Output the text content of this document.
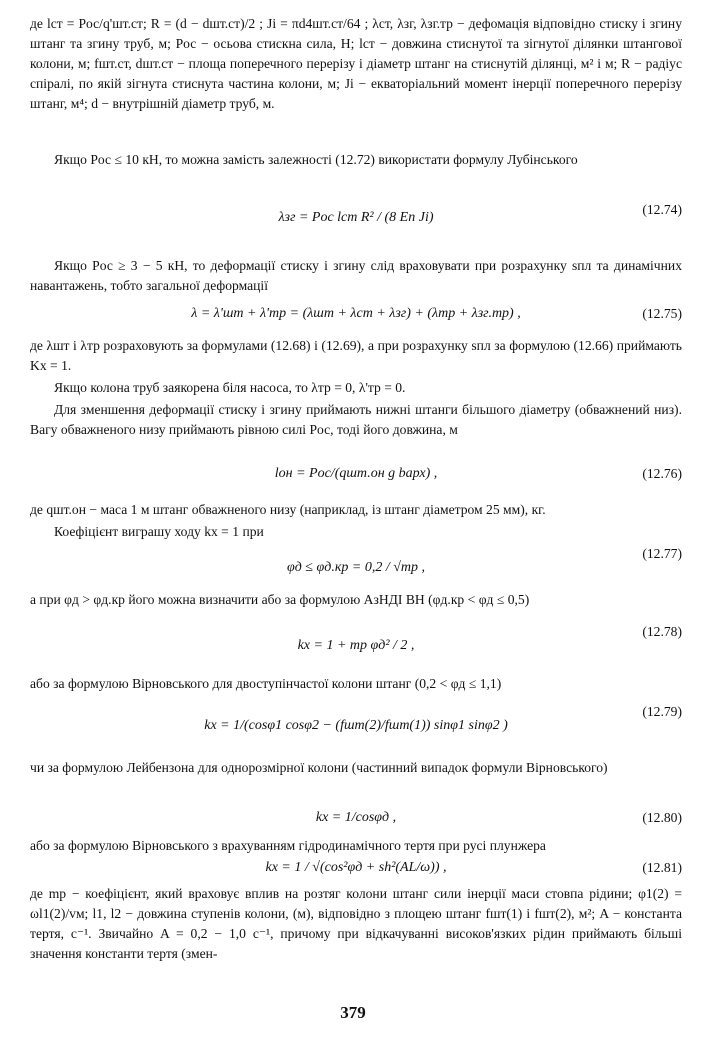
де lст = Pос/q'шт.ст; R = (d − dшт.ст)/2 ; Ji = πd4шт.ст/64 ; λст, λзг, λзг.тр − дефомація відповідно стиску і згину штанг та згину труб, м; Pос − осьова стискна сила, Н; lст − довжина стиснутої та зігнутої ділянки штангової колони, м; fшт.ст, dшт.ст − площа поперечного перерізу і діаметр штанг на стиснутій ділянці, м² і м; R − радіус спіралі, по якій зігнута стиснута частина колони, м; Ji − екваторіальний момент інерції поперечного перерізу штанг, м⁴; d − внутрішній діаметр труб, м.
Якщо Pос ≤ 10 кН, то можна замість залежності (12.72) використати формулу Лубінського
λзг = Pос lст R² / (8 Eп Ji)
(12.74)
Якщо Pос ≥ 3 − 5 кН, то деформації стиску і згину слід враховувати при розрахунку sпл та динамічних навантажень, тобто загальної деформації
λ = λ'шт + λ'тр = (λшт + λст + λзг) + (λтр + λзг.тр) ,	(12.75)
де λшт і λтр розраховують за формулами (12.68) і (12.69), а при розрахунку sпл за формулою (12.66) приймають Kх = 1.
Якщо колона труб заякорена біля насоса, то λтр = 0, λ'тр = 0.
Для зменшення деформації стиску і згину приймають нижні штанги більшого діаметру (обважнений низ). Вагу обважненого низу приймають рівною силі Pос, тоді його довжина, м
lон = Pос/(qшт.он g bарх) ,	(12.76)
де qшт.он − маса 1 м штанг обважненого низу (наприклад, із штанг діаметром 25 мм), кг.
Коефіцієнт виграшу ходу kх = 1 при
φд ≤ φд.кр = 0,2 / √mр ,
(12.77)
а при φд > φд.кр його можна визначити або за формулою АзНДІ ВН (φд.кр < φд ≤ 0,5)
kх = 1 + mр φд² / 2 ,
(12.78)
або за формулою Вірновського для двоступінчастої колони штанг (0,2 < φд ≤ 1,1)
kх = 1/(cosφ1 cosφ2 − (fшт(2)/fшт(1)) sinφ1 sinφ2 )
(12.79)
чи за формулою Лейбензона для однорозмірної колони (частинний випадок формули Вірновського)
kх = 1/cosφд ,	(12.80)
або за формулою Вірновського з врахуванням гідродинамічного тертя при русі плунжера
kх = 1 / √(cos²φд + sh²(AL/ω)) ,	(12.81)
де mр − коефіцієнт, який враховує вплив на розтяг колони штанг сили інерції маси стовпа рідини; φ1(2) = ωl1(2)/vм; l1, l2 − довжина ступенів колони, (м), відповідно з площею штанг fшт(1) і fшт(2), м²; A − константа тертя, с⁻¹. Звичайно A = 0,2 − 1,0 с⁻¹, причому при відкачуванні високов'язких рідин приймають більші значення константи тертя (змен-
379
